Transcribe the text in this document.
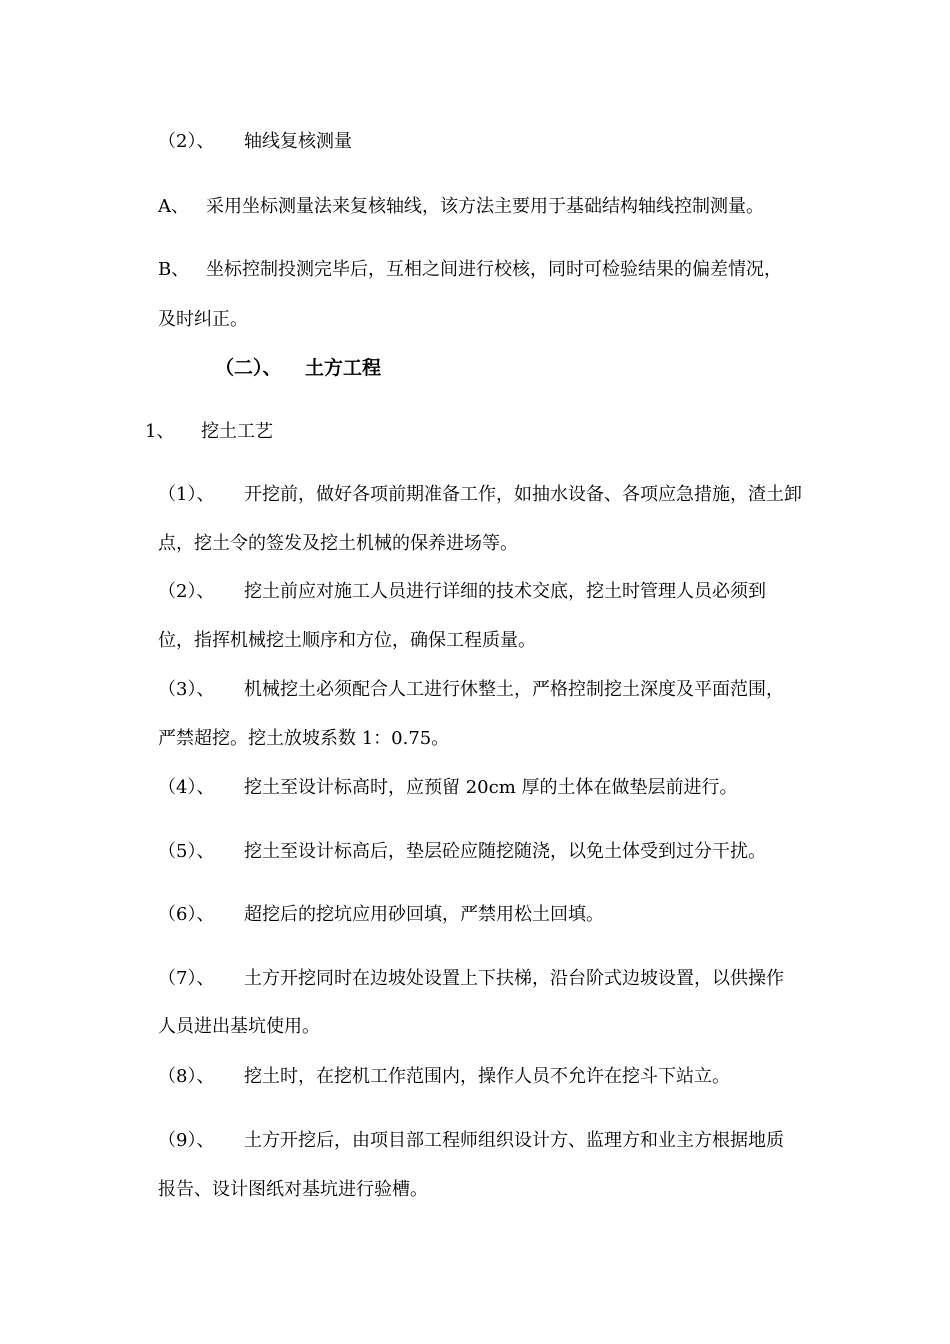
（2）、 轴线复核测量
A、 采用坐标测量法来复核轴线，该方法主要用于基础结构轴线控制测量。
B、 坐标控制投测完毕后，互相之间进行校核，同时可检验结果的偏差情况，
及时纠正。
（二）、 土方工程
1、 挖土工艺
（1）、 开挖前，做好各项前期准备工作，如抽水设备、各项应急措施，渣土卸
点，挖土令的签发及挖土机械的保养进场等。
（2）、 挖土前应对施工人员进行详细的技术交底，挖土时管理人员必须到
位，指挥机械挖土顺序和方位，确保工程质量。
（3）、 机械挖土必须配合人工进行休整土，严格控制挖土深度及平面范围，
严禁超挖。挖土放坡系数 1：0.75。
（4）、 挖土至设计标高时，应预留 20cm 厚的土体在做垫层前进行。
（5）、 挖土至设计标高后，垫层砼应随挖随浇，以免土体受到过分干扰。
（6）、 超挖后的挖坑应用砂回填，严禁用松土回填。
（7）、 土方开挖同时在边坡处设置上下扶梯，沿台阶式边坡设置，以供操作
人员进出基坑使用。
（8）、 挖土时，在挖机工作范围内，操作人员不允许在挖斗下站立。
（9）、 土方开挖后，由项目部工程师组织设计方、监理方和业主方根据地质
报告、设计图纸对基坑进行验槽。
